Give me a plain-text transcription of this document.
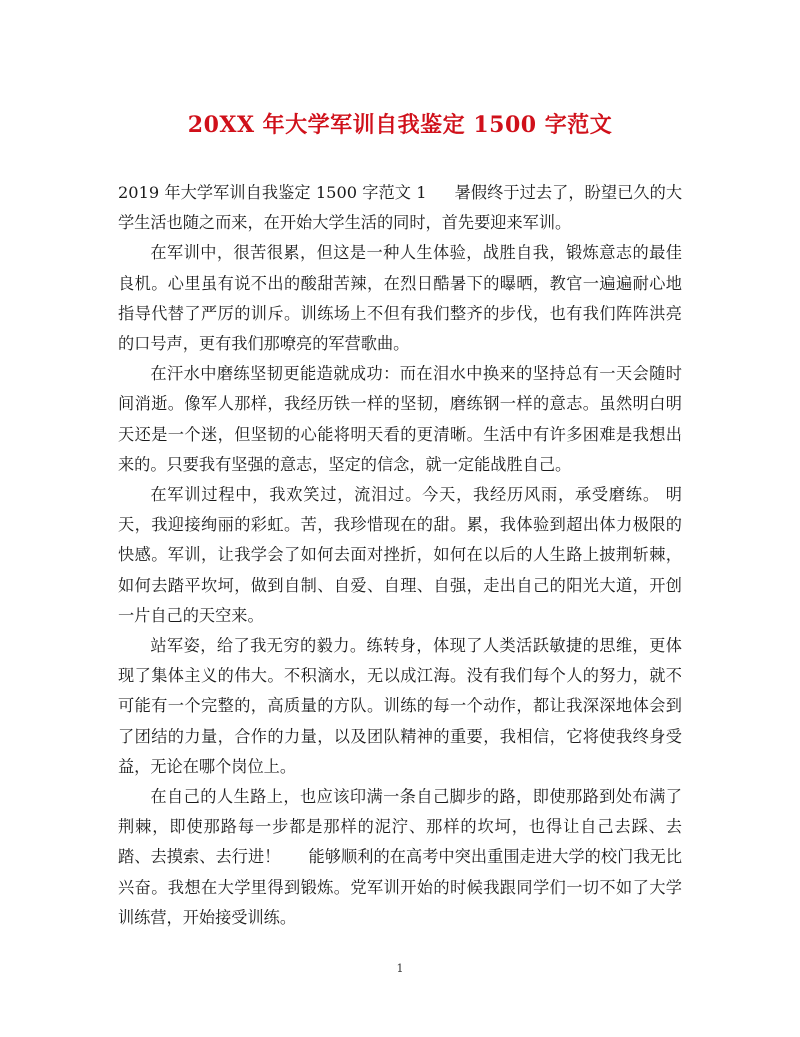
20XX 年大学军训自我鉴定 1500 字范文

2019 年大学军训自我鉴定 1500 字范文 1 暑假终于过去了，盼望已久的大学生活也随之而来，在开始大学生活的同时，首先要迎来军训。

在军训中，很苦很累，但这是一种人生体验，战胜自我，锻炼意志的最佳良机。心里虽有说不出的酸甜苦辣，在烈日酷暑下的曝晒，教官一遍遍耐心地指导代替了严厉的训斥。训练场上不但有我们整齐的步伐，也有我们阵阵洪亮的口号声，更有我们那嘹亮的军营歌曲。

在汗水中磨练坚韧更能造就成功：而在泪水中换来的坚持总有一天会随时间消逝。像军人那样，我经历铁一样的坚韧，磨练钢一样的意志。虽然明白明天还是一个迷，但坚韧的心能将明天看的更清晰。生活中有许多困难是我想出来的。只要我有坚强的意志，坚定的信念，就一定能战胜自己。

在军训过程中，我欢笑过，流泪过。今天，我经历风雨，承受磨练。 明天，我迎接绚丽的彩虹。苦，我珍惜现在的甜。累，我体验到超出体力极限的快感。军训，让我学会了如何去面对挫折，如何在以后的人生路上披荆斩棘，如何去踏平坎坷，做到自制、自爱、自理、自强，走出自己的阳光大道，开创一片自己的天空来。

站军姿，给了我无穷的毅力。练转身，体现了人类活跃敏捷的思维，更体现了集体主义的伟大。不积滴水，无以成江海。没有我们每个人的努力，就不可能有一个完整的，高质量的方队。训练的每一个动作，都让我深深地体会到了团结的力量，合作的力量，以及团队精神的重要，我相信，它将使我终身受益，无论在哪个岗位上。

在自己的人生路上，也应该印满一条自己脚步的路，即使那路到处布满了荆棘，即使那路每一步都是那样的泥泞、那样的坎坷，也得让自己去踩、去踏、去摸索、去行进！ 能够顺利的在高考中突出重围走进大学的校门我无比兴奋。我想在大学里得到锻炼。党军训开始的时候我跟同学们一切不如了大学训练营，开始接受训练。

1
